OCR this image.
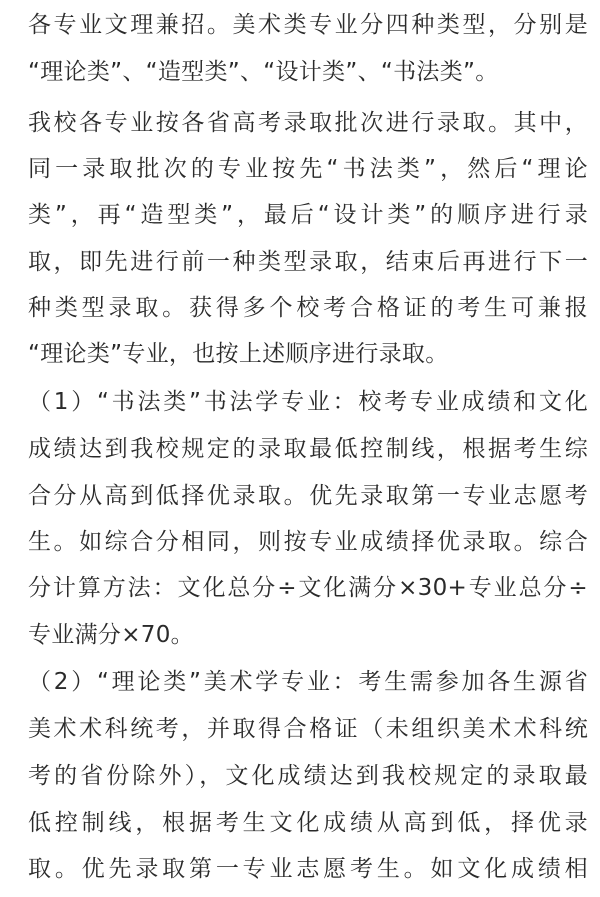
各专业文理兼招。美术类专业分四种类型，分别是
“理论类”、“造型类”、“设计类”、“书法类”。
我校各专业按各省高考录取批次进行录取。其中，
同一录取批次的专业按先“书法类”，然后“理论
类”，再“造型类”，最后“设计类”的顺序进行录
取，即先进行前一种类型录取，结束后再进行下一
种类型录取。获得多个校考合格证的考生可兼报
“理论类”专业，也按上述顺序进行录取。
（1）“书法类”书法学专业：校考专业成绩和文化
成绩达到我校规定的录取最低控制线，根据考生综
合分从高到低择优录取。优先录取第一专业志愿考
生。如综合分相同，则按专业成绩择优录取。综合
分计算方法：文化总分÷文化满分×30+专业总分÷
专业满分×70。
（2）“理论类”美术学专业：考生需参加各生源省
美术术科统考，并取得合格证（未组织美术术科统
考的省份除外），文化成绩达到我校规定的录取最
低控制线，根据考生文化成绩从高到低，择优录
取。优先录取第一专业志愿考生。如文化成绩相
